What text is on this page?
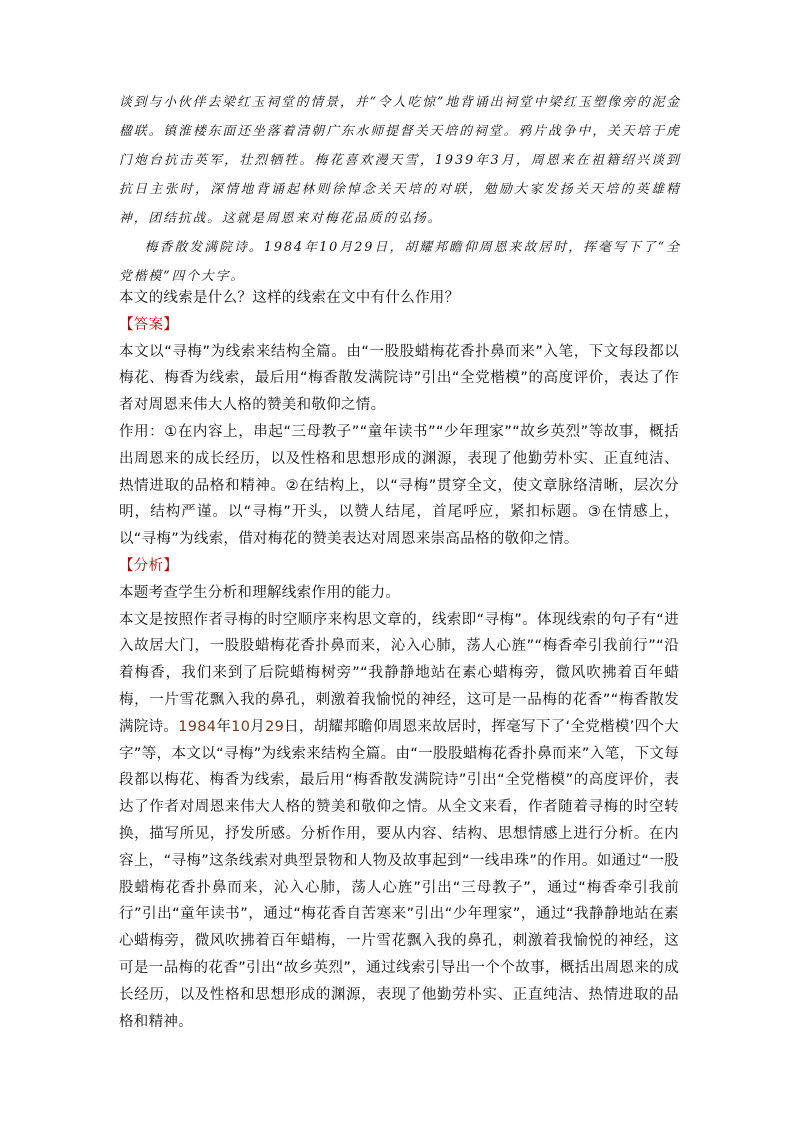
谈到与小伙伴去梁红玉祠堂的情景，并“令人吃惊”地背诵出祠堂中梁红玉塑像旁的泥金楹联。镇淮楼东面还坐落着清朝广东水师提督关天培的祠堂。鸦片战争中，关天培于虎门炮台抗击英军，壮烈牺牲。梅花喜欢漫天雪，1939年3月，周恩来在祖籍绍兴谈到抗日主张时，深情地背诵起林则徐悼念关天培的对联，勉励大家发扬关天培的英雄精神，团结抗战。这就是周恩来对梅花品质的弘扬。

梅香散发满院诗。1984年10月29日，胡耀邦瞻仰周恩来故居时，挥毫写下了“全党楷模”四个大字。

本文的线索是什么？这样的线索在文中有什么作用？

【答案】

本文以“寻梅”为线索来结构全篇。由“一股股蜡梅花香扑鼻而来”入笔，下文每段都以梅花、梅香为线索，最后用“梅香散发满院诗”引出“全党楷模”的高度评价，表达了作者对周恩来伟大人格的赞美和敬仰之情。

作用：①在内容上，串起“三母教子”“童年读书”“少年理家”“故乡英烈”等故事，概括出周恩来的成长经历，以及性格和思想形成的渊源，表现了他勤劳朴实、正直纯洁、热情进取的品格和精神。②在结构上，以“寻梅”贯穿全文，使文章脉络清晰，层次分明，结构严谨。以“寻梅”开头，以赞人结尾，首尾呼应，紧扣标题。③在情感上，以“寻梅”为线索，借对梅花的赞美表达对周恩来崇高品格的敬仰之情。

【分析】

本题考查学生分析和理解线索作用的能力。

本文是按照作者寻梅的时空顺序来构思文章的，线索即“寻梅”。体现线索的句子有“进入故居大门，一股股蜡梅花香扑鼻而来，沁入心肺，荡人心旌”“梅香牵引我前行”“沿着梅香，我们来到了后院蜡梅树旁”“我静静地站在素心蜡梅旁，微风吹拂着百年蜡梅，一片雪花飘入我的鼻孔，刺激着我愉悦的神经，这可是一品梅的花香”“梅香散发满院诗。1984年10月29日，胡耀邦瞻仰周恩来故居时，挥毫写下了‘全党楷模’四个大字”等，本文以“寻梅”为线索来结构全篇。由“一股股蜡梅花香扑鼻而来”入笔，下文每段都以梅花、梅香为线索，最后用“梅香散发满院诗”引出“全党楷模”的高度评价，表达了作者对周恩来伟大人格的赞美和敬仰之情。从全文来看，作者随着寻梅的时空转换，描写所见，抒发所感。分析作用，要从内容、结构、思想情感上进行分析。在内容上，“寻梅”这条线索对典型景物和人物及故事起到“一线串珠”的作用。如通过“一股股蜡梅花香扑鼻而来，沁入心肺，荡人心旌”引出“三母教子”，通过“梅香牵引我前行”引出“童年读书”，通过“梅花香自苦寒来”引出“少年理家”，通过“我静静地站在素心蜡梅旁，微风吹拂着百年蜡梅，一片雪花飘入我的鼻孔，刺激着我愉悦的神经，这可是一品梅的花香”引出“故乡英烈”，通过线索引导出一个个故事，概括出周恩来的成长经历，以及性格和思想形成的渊源，表现了他勤劳朴实、正直纯洁、热情进取的品格和精神。
